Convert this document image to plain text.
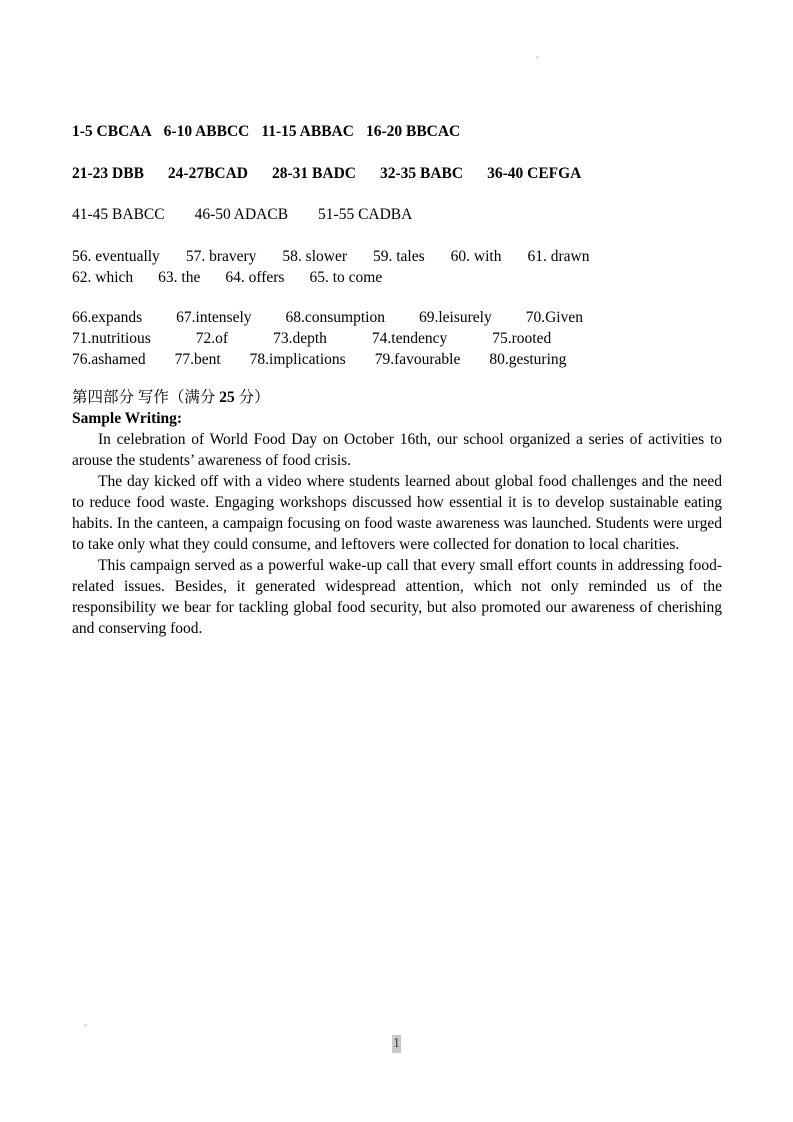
1-5 CBCAA 6-10 ABBCC 11-15 ABBAC 16-20 BBCAC
21-23 DBB 24-27BCAD 28-31 BADC 32-35 BABC 36-40 CEFGA
41-45 BABCC 46-50 ADACB 51-55 CADBA
56. eventually 57. bravery 58. slower 59. tales 60. with 61. drawn
62. which 63. the 64. offers 65. to come
66.expands 67.intensely 68.consumption 69.leisurely 70.Given
71.nutritious	72.of	73.depth	74.tendency	75.rooted
76.ashamed 77.bent 78.implications 79.favourable 80.gesturing
第四部分 写作（满分 25 分）
Sample Writing:

In celebration of World Food Day on October 16th, our school organized a series of activities to arouse the students’ awareness of food crisis.

The day kicked off with a video where students learned about global food challenges and the need to reduce food waste. Engaging workshops discussed how essential it is to develop sustainable eating habits. In the canteen, a campaign focusing on food waste awareness was launched. Students were urged to take only what they could consume, and leftovers were collected for donation to local charities.

This campaign served as a powerful wake-up call that every small effort counts in addressing food-related issues. Besides, it generated widespread attention, which not only reminded us of the responsibility we bear for tackling global food security, but also promoted our awareness of cherishing and conserving food.

1
